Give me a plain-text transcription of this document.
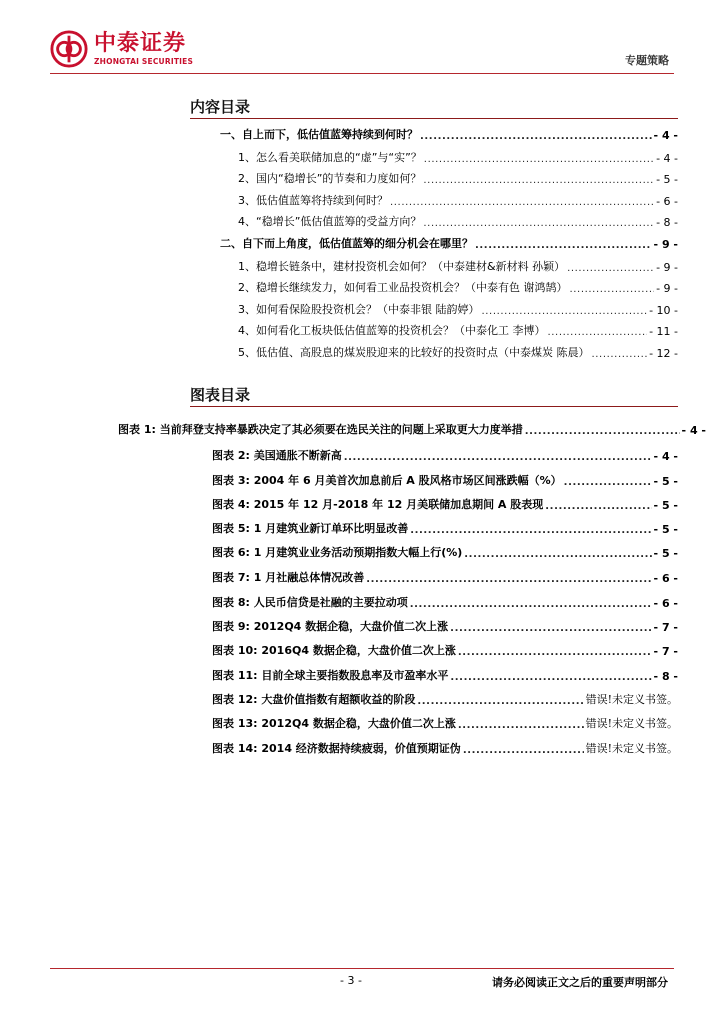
中泰证券
ZHONGTAI SECURITIES	专题策略
内容目录
一、自上而下，低估值蓝筹持续到何时？ .....	- 4 -
1、怎么看美联储加息的“虚”与“实”？ .....	- 4 -
2、国内“稳增长”的节奏和力度如何？ .....	- 5 -
3、低估值蓝筹将持续到何时？ .....	- 6 -
4、“稳增长”低估值蓝筹的受益方向？ .....	- 8 -
二、自下而上角度，低估值蓝筹的细分机会在哪里？ .....	- 9 -
1、稳增长链条中，建材投资机会如何？（中泰建材&新材料 孙颖） .....	- 9 -
2、稳增长继续发力，如何看工业品投资机会？（中泰有色 谢鸿鹄） .....	- 9 -
3、如何看保险股投资机会？（中泰非银 陆韵婷） .....	- 10 -
4、如何看化工板块低估值蓝筹的投资机会？（中泰化工 李博） .....	- 11 -
5、低估值、高股息的煤炭股迎来的比较好的投资时点（中泰煤炭 陈晨） .....	- 12 -
图表目录
图表 1: 当前拜登支持率暴跌决定了其必须要在选民关注的问题上采取更大力度举措 .....	- 4 -
图表 2: 美国通胀不断新高 .....	- 4 -
图表 3: 2004 年 6 月美首次加息前后 A 股风格市场区间涨跌幅（%） .....	- 5 -
图表 4: 2015 年 12 月-2018 年 12 月美联储加息期间 A 股表现 .....	- 5 -
图表 5: 1 月建筑业新订单环比明显改善 .....	- 5 -
图表 6: 1 月建筑业业务活动预期指数大幅上行(%) .....	- 5 -
图表 7: 1 月社融总体情况改善 .....	- 6 -
图表 8: 人民币信贷是社融的主要拉动项 .....	- 6 -
图表 9: 2012Q4 数据企稳，大盘价值二次上涨 .....	- 7 -
图表 10: 2016Q4 数据企稳，大盘价值二次上涨 .....	- 7 -
图表 11: 目前全球主要指数股息率及市盈率水平 .....	- 8 -
图表 12: 大盘价值指数有超额收益的阶段 .....	错误!未定义书签。
图表 13: 2012Q4 数据企稳，大盘价值二次上涨 .....	错误!未定义书签。
图表 14: 2014 经济数据持续疲弱，价值预期证伪 .....	错误!未定义书签。
- 3 -	请务必阅读正文之后的重要声明部分
